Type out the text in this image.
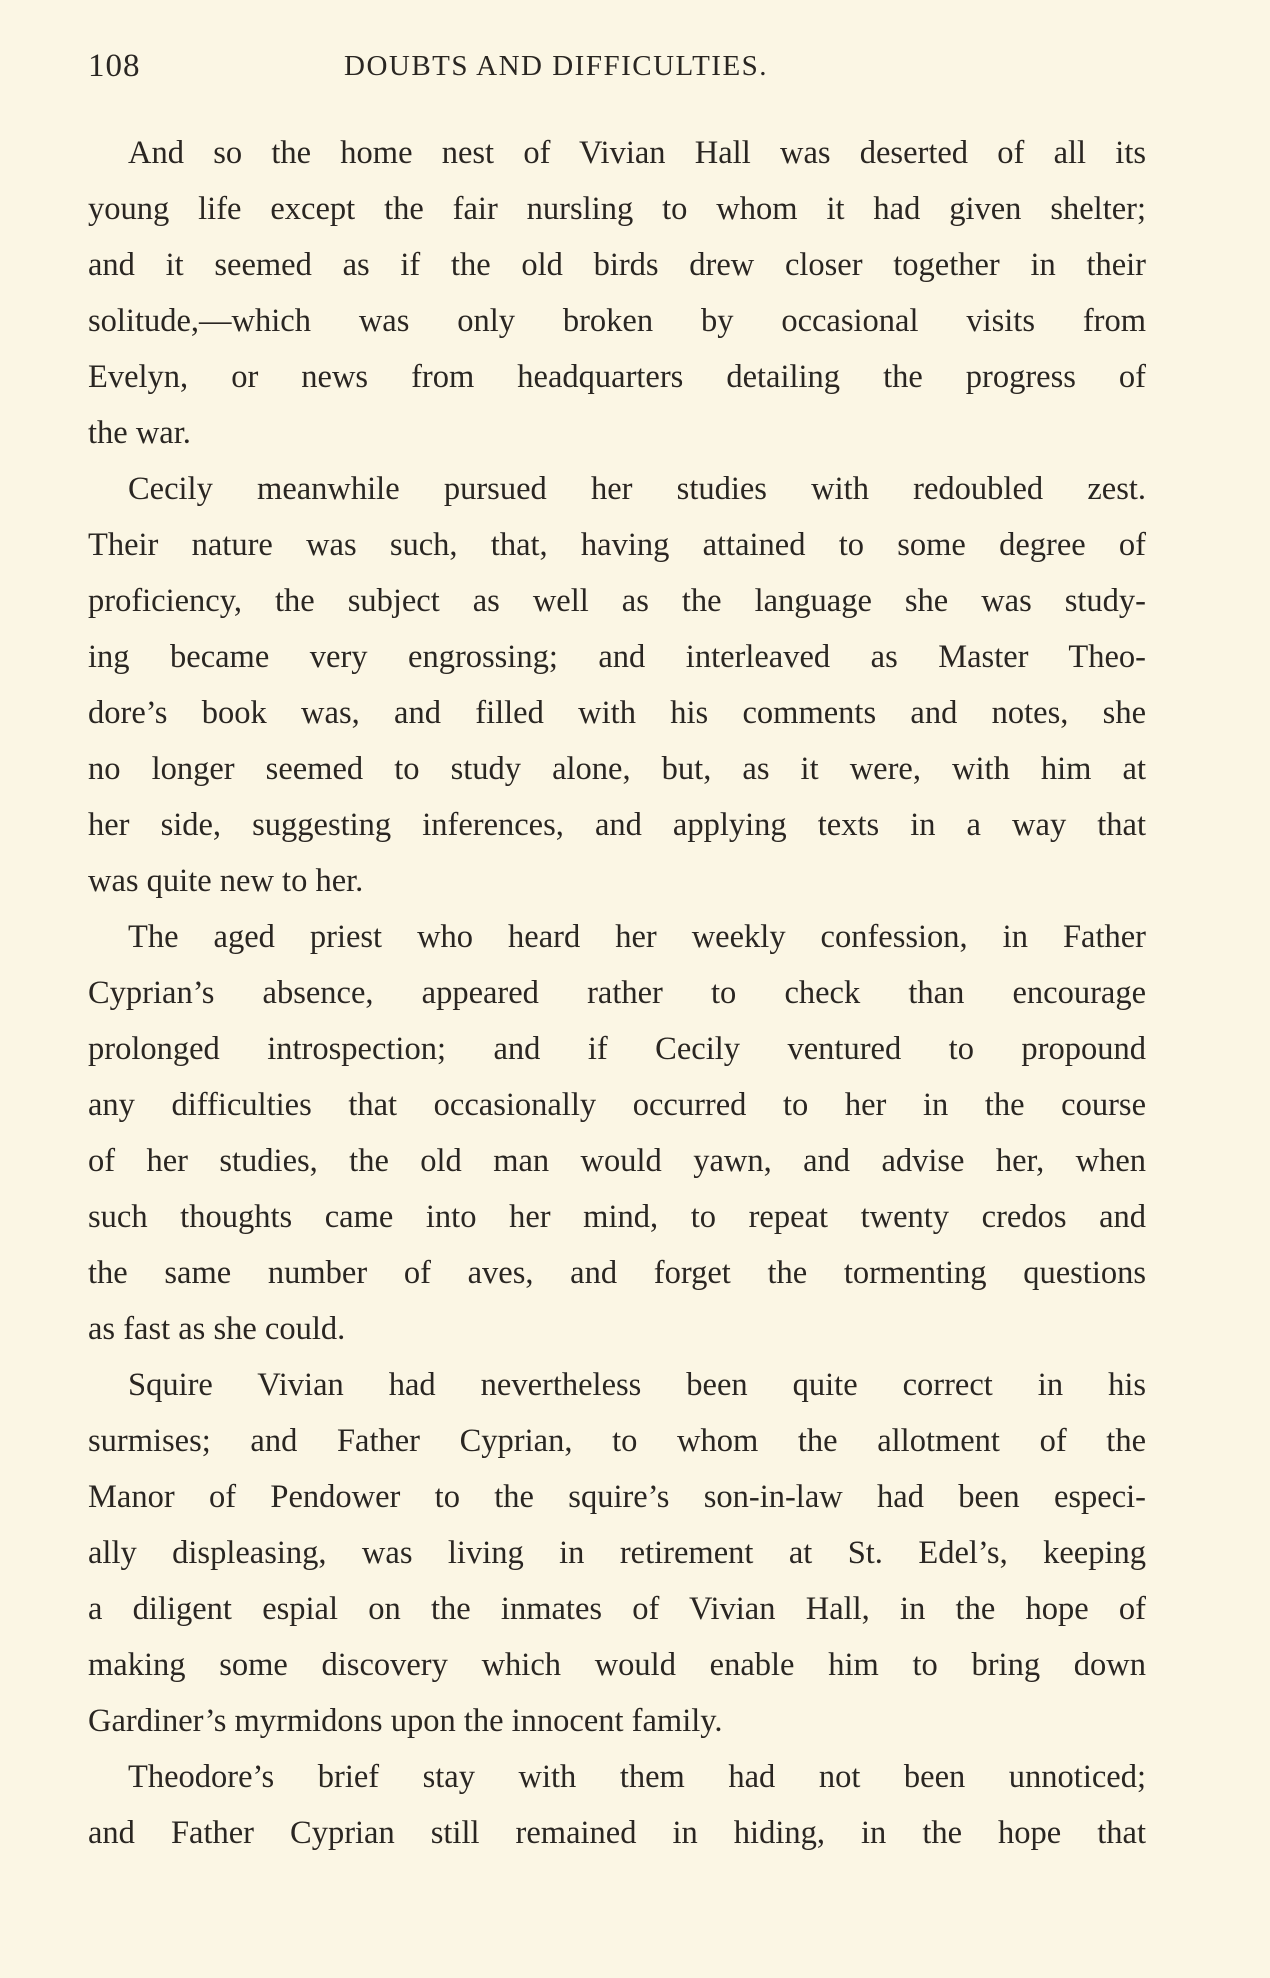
108	DOUBTS AND DIFFICULTIES.
And so the home nest of Vivian Hall was deserted of all its
young life except the fair nursling to whom it had given shelter;
and it seemed as if the old birds drew closer together in their
solitude,—which was only broken by occasional visits from
Evelyn, or news from headquarters detailing the progress of
the war.
Cecily meanwhile pursued her studies with redoubled zest.
Their nature was such, that, having attained to some degree of
proficiency, the subject as well as the language she was study-
ing became very engrossing; and interleaved as Master Theo-
dore’s book was, and filled with his comments and notes, she
no longer seemed to study alone, but, as it were, with him at
her side, suggesting inferences, and applying texts in a way that
was quite new to her.
The aged priest who heard her weekly confession, in Father
Cyprian’s absence, appeared rather to check than encourage
prolonged introspection; and if Cecily ventured to propound
any difficulties that occasionally occurred to her in the course
of her studies, the old man would yawn, and advise her, when
such thoughts came into her mind, to repeat twenty credos and
the same number of aves, and forget the tormenting questions
as fast as she could.
Squire Vivian had nevertheless been quite correct in his
surmises; and Father Cyprian, to whom the allotment of the
Manor of Pendower to the squire’s son-in-law had been especi-
ally displeasing, was living in retirement at St. Edel’s, keeping
a diligent espial on the inmates of Vivian Hall, in the hope of
making some discovery which would enable him to bring down
Gardiner’s myrmidons upon the innocent family.
Theodore’s brief stay with them had not been unnoticed;
and Father Cyprian still remained in hiding, in the hope that
